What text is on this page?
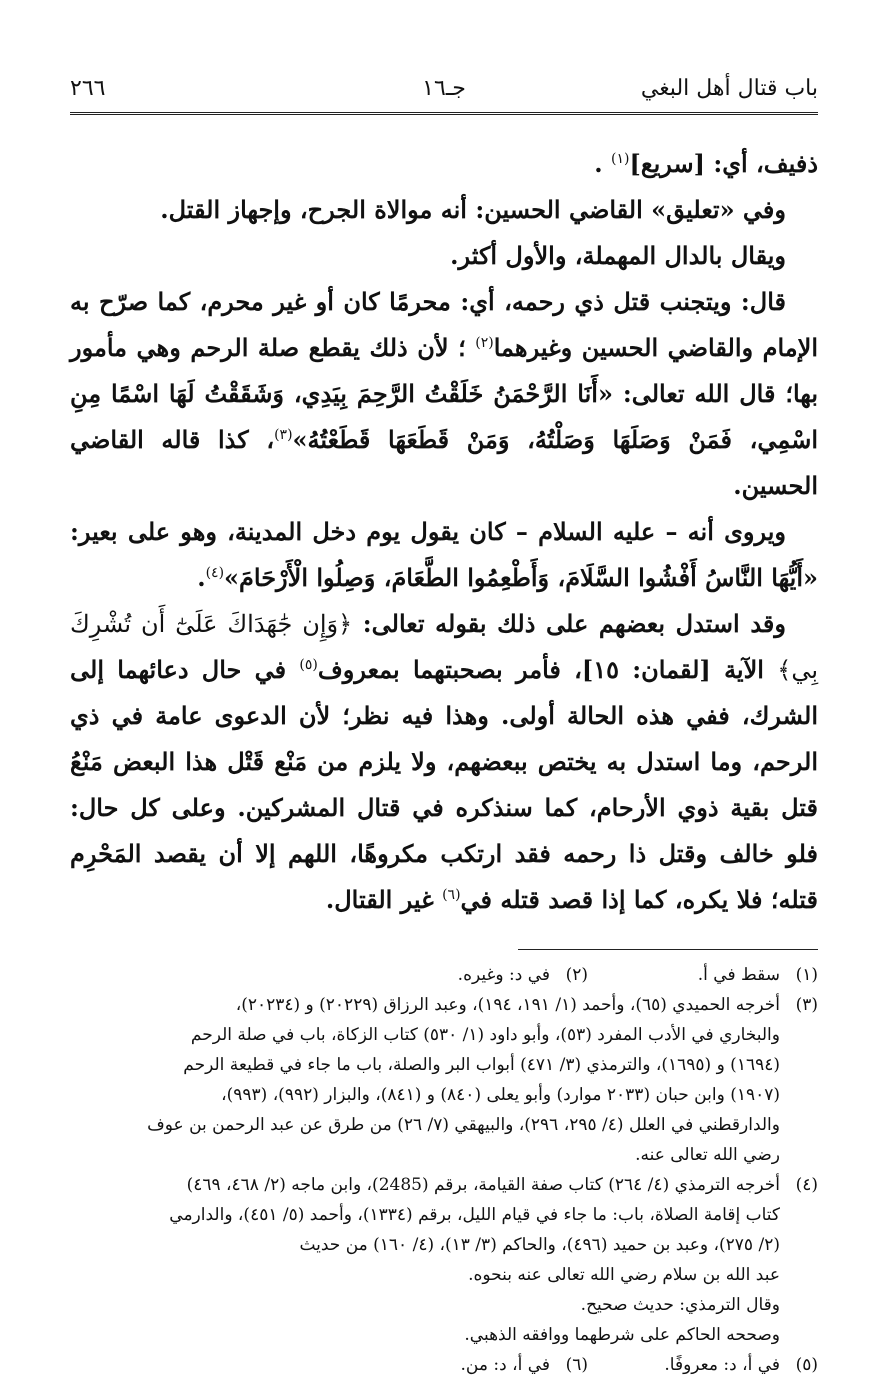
باب قتال أهل البغي
جـ١٦
٢٦٦

ذفيف، أي: [سريع]$^{(١)}$ .

وفي «تعليق» القاضي الحسين: أنه موالاة الجرح، وإجهاز القتل.

ويقال بالدال المهملة، والأول أكثر.

قال: ويتجنب قتل ذي رحمه، أي: محرمًا كان أو غير محرم، كما صرّح به الإمام والقاضي الحسين وغيرهما$^{(٢)}$ ؛ لأن ذلك يقطع صلة الرحم وهي مأمور بها؛ قال الله تعالى: «أَنَا الرَّحْمَنُ خَلَقْتُ الرَّحِمَ بِيَدِي، وَشَقَقْتُ لَهَا اسْمًا مِنِ اسْمِي، فَمَنْ وَصَلَهَا وَصَلْتُهُ، وَمَنْ قَطَعَهَا قَطَعْتُهُ»$^{(٣)}$، كذا قاله القاضي الحسين.

ويروى أنه – عليه السلام – كان يقول يوم دخل المدينة، وهو على بعير: «أَيُّهَا النَّاسُ أَفْشُوا السَّلَامَ، وَأَطْعِمُوا الطَّعَامَ، وَصِلُوا الْأَرْحَامَ»$^{(٤)}$.

وقد استدل بعضهم على ذلك بقوله تعالى: ﴿وَإِن جَٰهَدَاكَ عَلَىٰٓ أَن تُشْرِكَ بِي﴾ الآية [لقمان: ١٥]، فأمر بصحبتهما بمعروف$^{(٥)}$ في حال دعائهما إلى الشرك، ففي هذه الحالة أولى. وهذا فيه نظر؛ لأن الدعوى عامة في ذي الرحم، وما استدل به يختص ببعضهم، ولا يلزم من مَنْع قَتْل هذا البعض مَنْعُ قتل بقية ذوي الأرحام، كما سنذكره في قتال المشركين. وعلى كل حال: فلو خالف وقتل ذا رحمه فقد ارتكب مكروهًا، اللهم إلا أن يقصد المَحْرِم قتله؛ فلا يكره، كما إذا قصد قتله في$^{(٦)}$ غير القتال.

(١)
سقط في أ.
(٢)
في د: وغيره.
(٣)
أخرجه الحميدي (٦٥)، وأحمد (١/ ١٩١، ١٩٤)، وعبد الرزاق (٢٠٢٢٩) و (٢٠٢٣٤)،
والبخاري في الأدب المفرد (٥٣)، وأبو داود (١/ ٥٣٠) كتاب الزكاة، باب في صلة الرحم
(١٦٩٤) و (١٦٩٥)، والترمذي (٣/ ٤٧١) أبواب البر والصلة، باب ما جاء في قطيعة الرحم
(١٩٠٧) وابن حبان (٢٠٣٣ موارد) وأبو يعلى (٨٤٠) و (٨٤١)، والبزار (٩٩٢)، (٩٩٣)،
والدارقطني في العلل (٤/ ٢٩٥، ٢٩٦)، والبيهقي (٧/ ٢٦) من طرق عن عبد الرحمن بن عوف
رضي الله تعالى عنه.
(٤)
أخرجه الترمذي (٤/ ٢٦٤) كتاب صفة القيامة، برقم (2485)، وابن ماجه (٢/ ٤٦٨، ٤٦٩)
كتاب إقامة الصلاة، باب: ما جاء في قيام الليل، برقم (١٣٣٤)، وأحمد (٥/ ٤٥١)، والدارمي
(٢/ ٢٧٥)، وعبد بن حميد (٤٩٦)، والحاكم (٣/ ١٣)، (٤/ ١٦٠) من حديث
عبد الله بن سلام رضي الله تعالى عنه بنحوه.
وقال الترمذي: حديث صحيح.
وصححه الحاكم على شرطهما ووافقه الذهبي.
(٥)
في أ، د: معروفًا.
(٦)
في أ، د: من.
